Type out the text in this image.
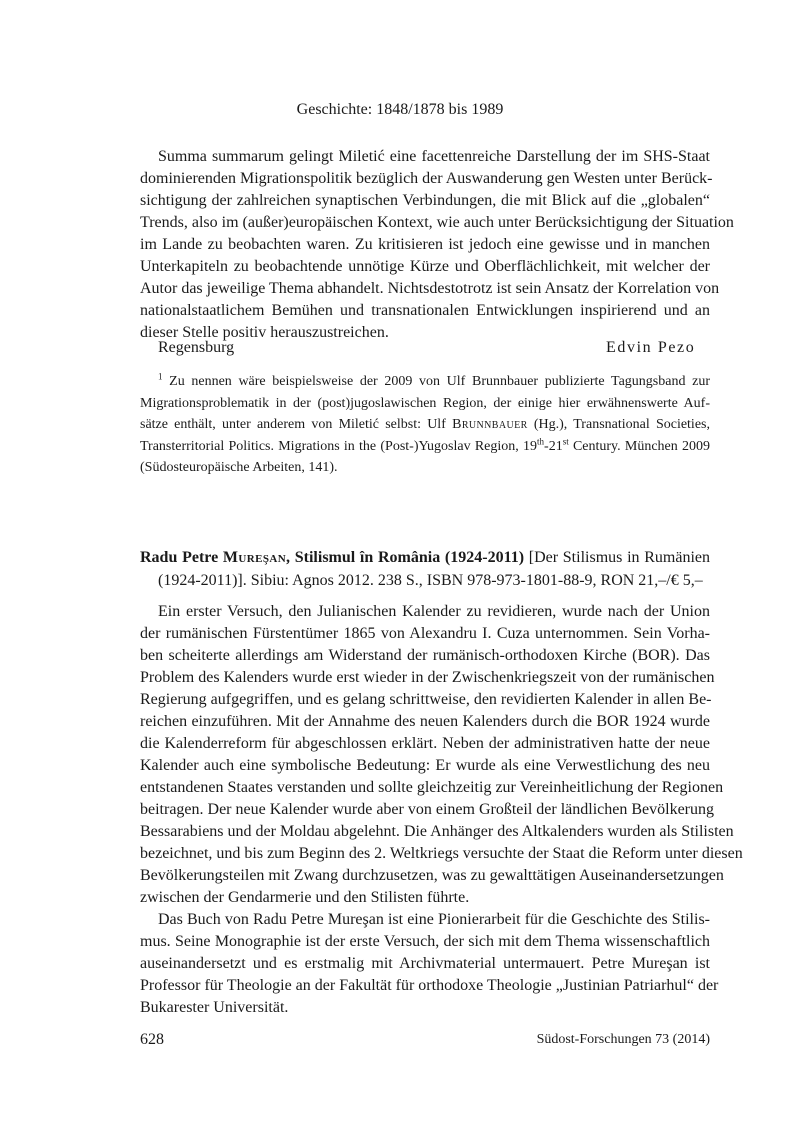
Geschichte: 1848/1878 bis 1989
Summa summarum gelingt Miletić eine facettenreiche Darstellung der im SHS-Staat
dominierenden Migrationspolitik bezüglich der Auswanderung gen Westen unter Berück-
sichtigung der zahlreichen synaptischen Verbindungen, die mit Blick auf die „globalen“
Trends, also im (außer)europäischen Kontext, wie auch unter Berücksichtigung der Situation
im Lande zu beobachten waren. Zu kritisieren ist jedoch eine gewisse und in manchen
Unterkapiteln zu beobachtende unnötige Kürze und Oberflächlichkeit, mit welcher der
Autor das jeweilige Thema abhandelt. Nichtsdestotrotz ist sein Ansatz der Korrelation von
nationalstaatlichem Bemühen und transnationalen Entwicklungen inspirierend und an
dieser Stelle positiv herauszustreichen.
Regensburg	Edvin Pezo
$^1$ Zu nennen wäre beispielsweise der 2009 von Ulf Brunnbauer publizierte Tagungsband zur
Migrationsproblematik in der (post)jugoslawischen Region, der einige hier erwähnenswerte Auf-
sätze enthält, unter anderem von Miletić selbst: Ulf Brunnbauer (Hg.), Transnational Societies,
Transterritorial Politics. Migrations in the (Post-)Yugoslav Region, 19th-21st Century. München 2009
(Südosteuropäische Arbeiten, 141).
Radu Petre Mureşan, Stilismul în România (1924-2011) [Der Stilismus in Rumänien
(1924-2011)]. Sibiu: Agnos 2012. 238 S., ISBN 978-973-1801-88-9, RON 21,–/€ 5,–
Ein erster Versuch, den Julianischen Kalender zu revidieren, wurde nach der Union
der rumänischen Fürstentümer 1865 von Alexandru I. Cuza unternommen. Sein Vorha-
ben scheiterte allerdings am Widerstand der rumänisch-orthodoxen Kirche (BOR). Das
Problem des Kalenders wurde erst wieder in der Zwischenkriegszeit von der rumänischen
Regierung aufgegriffen, und es gelang schrittweise, den revidierten Kalender in allen Be-
reichen einzuführen. Mit der Annahme des neuen Kalenders durch die BOR 1924 wurde
die Kalenderreform für abgeschlossen erklärt. Neben der administrativen hatte der neue
Kalender auch eine symbolische Bedeutung: Er wurde als eine Verwestlichung des neu
entstandenen Staates verstanden und sollte gleichzeitig zur Vereinheitlichung der Regionen
beitragen. Der neue Kalender wurde aber von einem Großteil der ländlichen Bevölkerung
Bessarabiens und der Moldau abgelehnt. Die Anhänger des Altkalenders wurden als Stilisten
bezeichnet, und bis zum Beginn des 2. Weltkriegs versuchte der Staat die Reform unter diesen
Bevölkerungsteilen mit Zwang durchzusetzen, was zu gewalttätigen Auseinandersetzungen
zwischen der Gendarmerie und den Stilisten führte.
Das Buch von Radu Petre Mureşan ist eine Pionierarbeit für die Geschichte des Stilis-
mus. Seine Monographie ist der erste Versuch, der sich mit dem Thema wissenschaftlich
auseinandersetzt und es erstmalig mit Archivmaterial untermauert. Petre Mureşan ist
Professor für Theologie an der Fakultät für orthodoxe Theologie „Justinian Patriarhul“ der
Bukarester Universität.
628	Südost-Forschungen 73 (2014)
